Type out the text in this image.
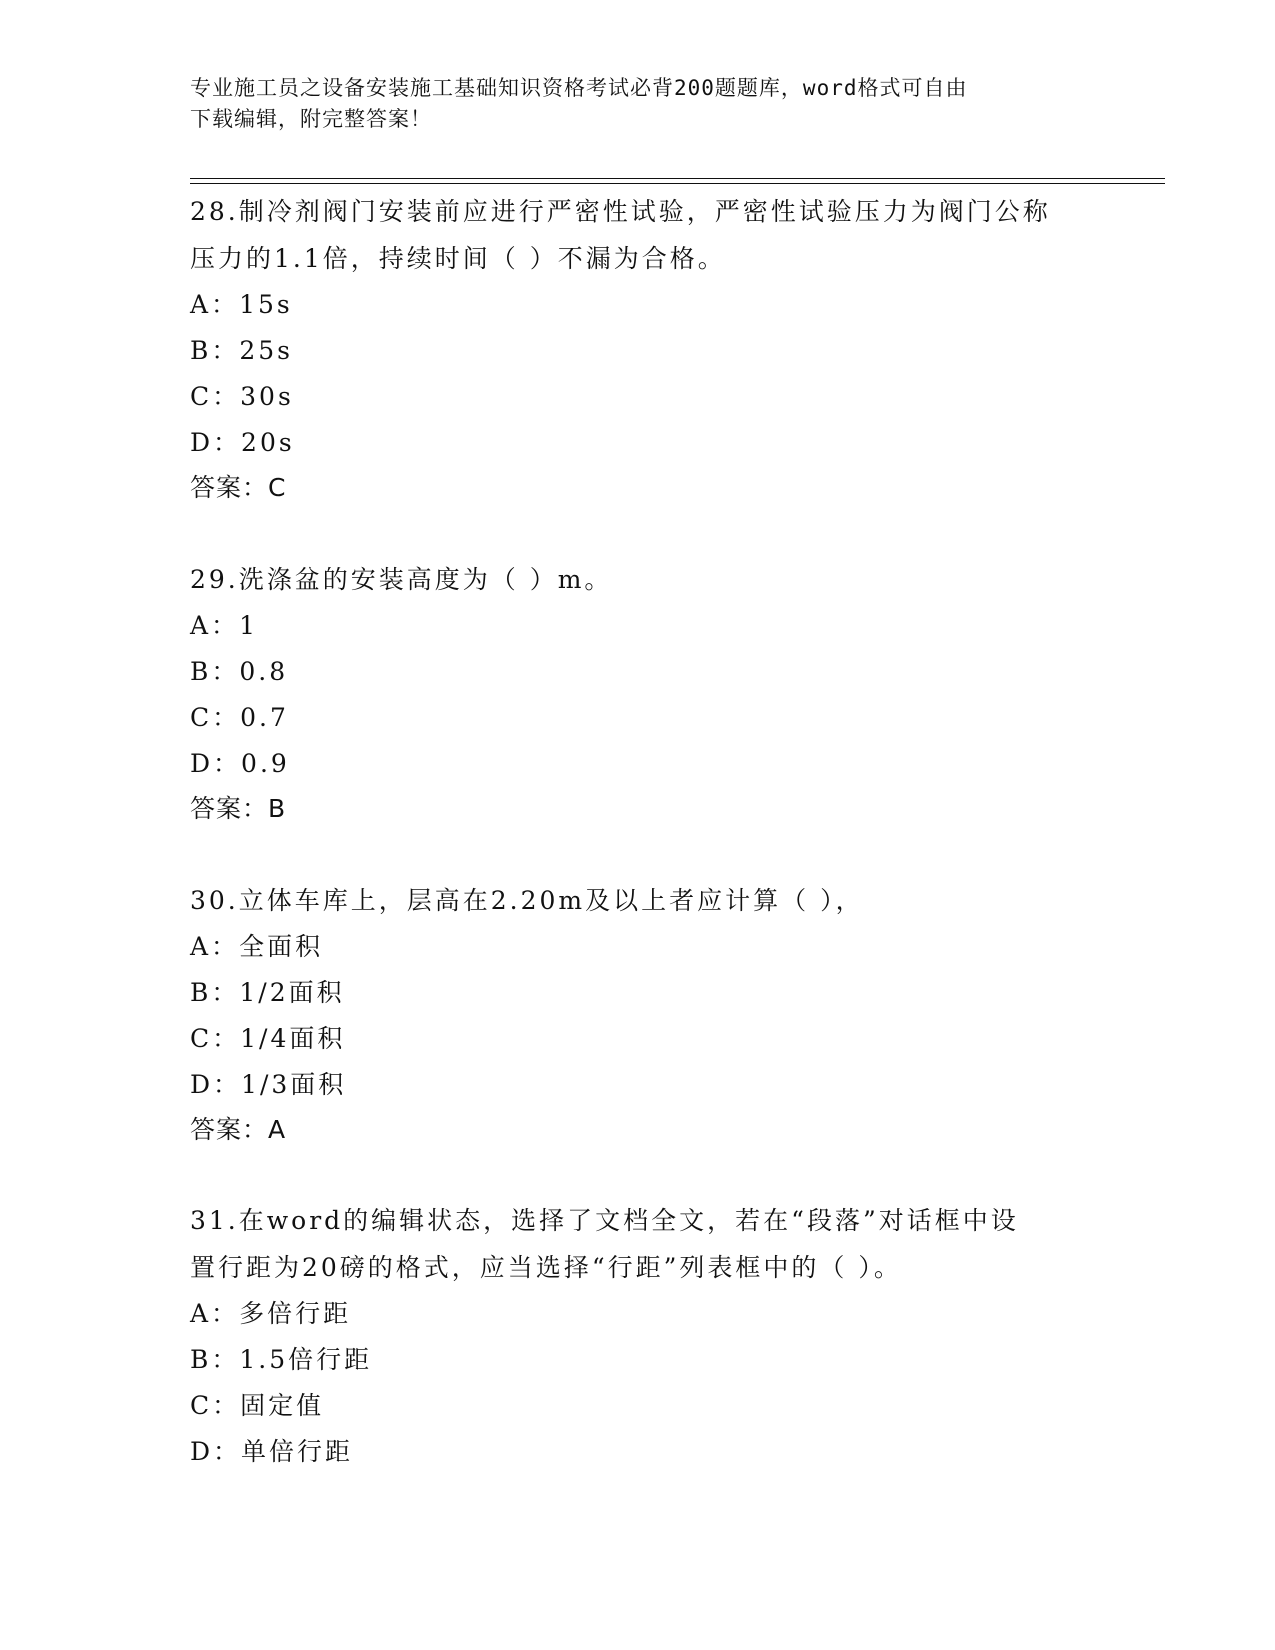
专业施工员之设备安装施工基础知识资格考试必背200题题库，word格式可自由
下载编辑，附完整答案！

28.制冷剂阀门安装前应进行严密性试验，严密性试验压力为阀门公称

压力的1.1倍，持续时间（ ）不漏为合格。

A： 15s

B： 25s

C： 30s

D： 20s

答案：C

29.洗涤盆的安装高度为（ ）m。

A： 1

B： 0.8

C： 0.7

D： 0.9

答案：B

30.立体车库上，层高在2.20m及以上者应计算（ ），

A： 全面积

B： 1/2面积

C： 1/4面积

D： 1/3面积

答案：A

31.在word的编辑状态，选择了文档全文，若在“段落”对话框中设

置行距为20磅的格式，应当选择“行距”列表框中的（ ）。

A： 多倍行距

B： 1.5倍行距

C： 固定值

D： 单倍行距
